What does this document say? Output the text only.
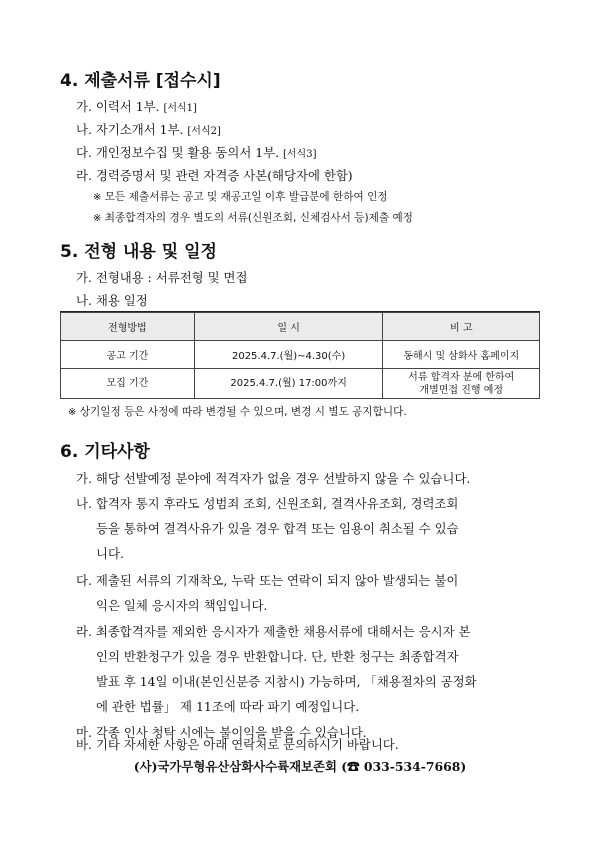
4. 제출서류 [접수시]

가. 이력서 1부. [서식1]

나. 자기소개서 1부. [서식2]

다. 개인정보수집 및 활용 동의서 1부. [서식3]

라. 경력증명서 및 관련 자격증 사본(해당자에 한함)

※ 모든 제출서류는 공고 및 재공고일 이후 발급분에 한하여 인정

※ 최종합격자의 경우 별도의 서류(신원조회, 신체검사서 등)제출 예정

5. 전형 내용 및 일정

가. 전형내용 : 서류전형 및 면접

나. 채용 일정

전형방법	일 시	비 고
공고 기간	2025.4.7.(월)~4.30(수)	동해시 및 삼화사 홈페이지
모집 기간	2025.4.7.(월) 17:00까지	서류 합격자 분에 한하여
개별면접 진행 예정

※ 상기일정 등은 사정에 따라 변경될 수 있으며, 변경 시 별도 공지합니다.

6. 기타사항

가. 해당 선발예정 분야에 적격자가 없을 경우 선발하지 않을 수 있습니다.

나. 합격자 통지 후라도 성범죄 조회, 신원조회, 결격사유조회, 경력조회

등을 통하여 결격사유가 있을 경우 합격 또는 임용이 취소될 수 있습

니다.

다. 제출된 서류의 기재착오, 누락 또는 연락이 되지 않아 발생되는 불이

익은 일체 응시자의 책임입니다.

라. 최종합격자를 제외한 응시자가 제출한 채용서류에 대해서는 응시자 본

인의 반환청구가 있을 경우 반환합니다. 단, 반환 청구는 최종합격자

발표 후 14일 이내(본인신분증 지참시) 가능하며, 「채용절차의 공정화

에 관한 법률」 제 11조에 따라 파기 예정입니다.

마. 각종 인사 청탁 시에는 불이익을 받을 수 있습니다.

바. 기타 자세한 사항은 아래 연락처로 문의하시기 바랍니다.

(사)국가무형유산삼화사수륙재보존회 (☎ 033-534-7668)
